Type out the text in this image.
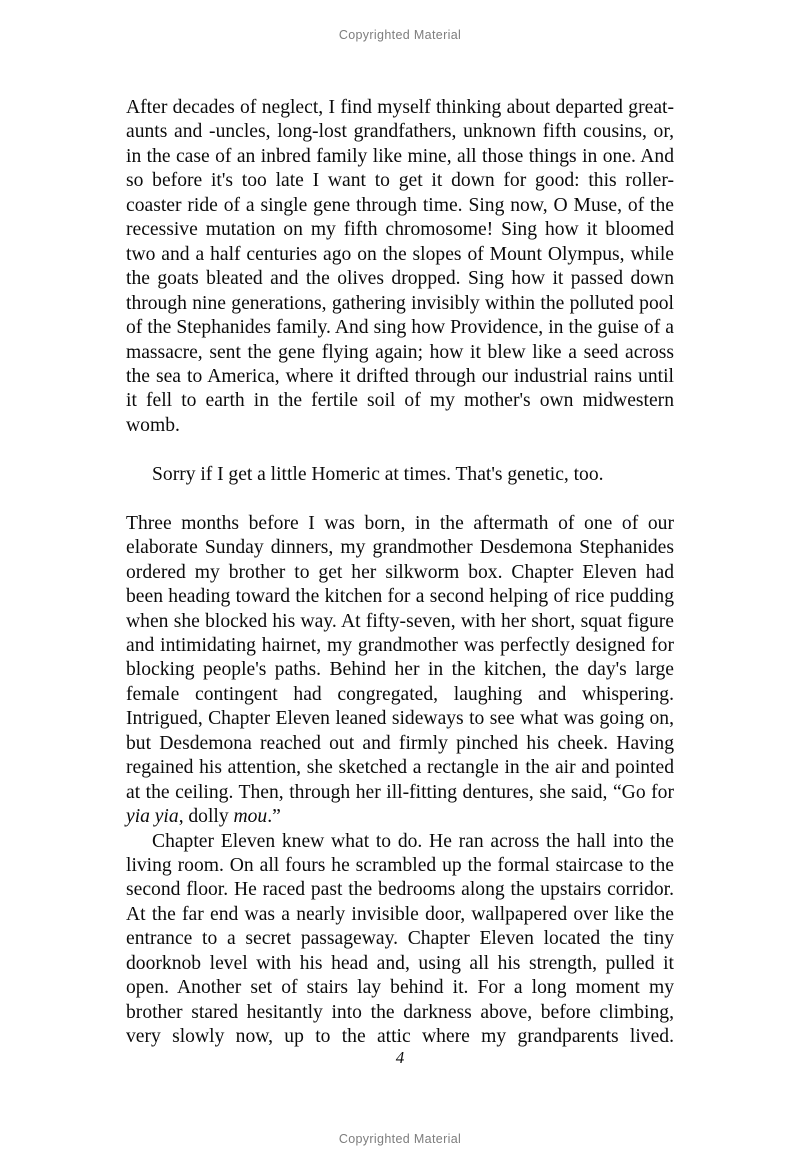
Copyrighted Material

After decades of neglect, I find myself thinking about departed great-aunts and -uncles, long-lost grandfathers, unknown fifth cousins, or, in the case of an inbred family like mine, all those things in one. And so before it's too late I want to get it down for good: this roller-coaster ride of a single gene through time. Sing now, O Muse, of the recessive mutation on my fifth chromosome! Sing how it bloomed two and a half centuries ago on the slopes of Mount Olympus, while the goats bleated and the olives dropped. Sing how it passed down through nine generations, gathering invisibly within the polluted pool of the Stephanides family. And sing how Providence, in the guise of a massacre, sent the gene flying again; how it blew like a seed across the sea to America, where it drifted through our industrial rains until it fell to earth in the fertile soil of my mother's own midwestern womb.

Sorry if I get a little Homeric at times. That's genetic, too.

Three months before I was born, in the aftermath of one of our elaborate Sunday dinners, my grandmother Desdemona Stephanides ordered my brother to get her silkworm box. Chapter Eleven had been heading toward the kitchen for a second helping of rice pudding when she blocked his way. At fifty-seven, with her short, squat figure and intimidating hairnet, my grandmother was perfectly designed for blocking people's paths. Behind her in the kitchen, the day's large female contingent had congregated, laughing and whispering. Intrigued, Chapter Eleven leaned sideways to see what was going on, but Desdemona reached out and firmly pinched his cheek. Having regained his attention, she sketched a rectangle in the air and pointed at the ceiling. Then, through her ill-fitting dentures, she said, “Go for yia yia, dolly mou.”

Chapter Eleven knew what to do. He ran across the hall into the living room. On all fours he scrambled up the formal staircase to the second floor. He raced past the bedrooms along the upstairs corridor. At the far end was a nearly invisible door, wallpapered over like the entrance to a secret passageway. Chapter Eleven located the tiny doorknob level with his head and, using all his strength, pulled it open. Another set of stairs lay behind it. For a long moment my brother stared hesitantly into the darkness above, before climbing, very slowly now, up to the attic where my grandparents lived.

4
Copyrighted Material
